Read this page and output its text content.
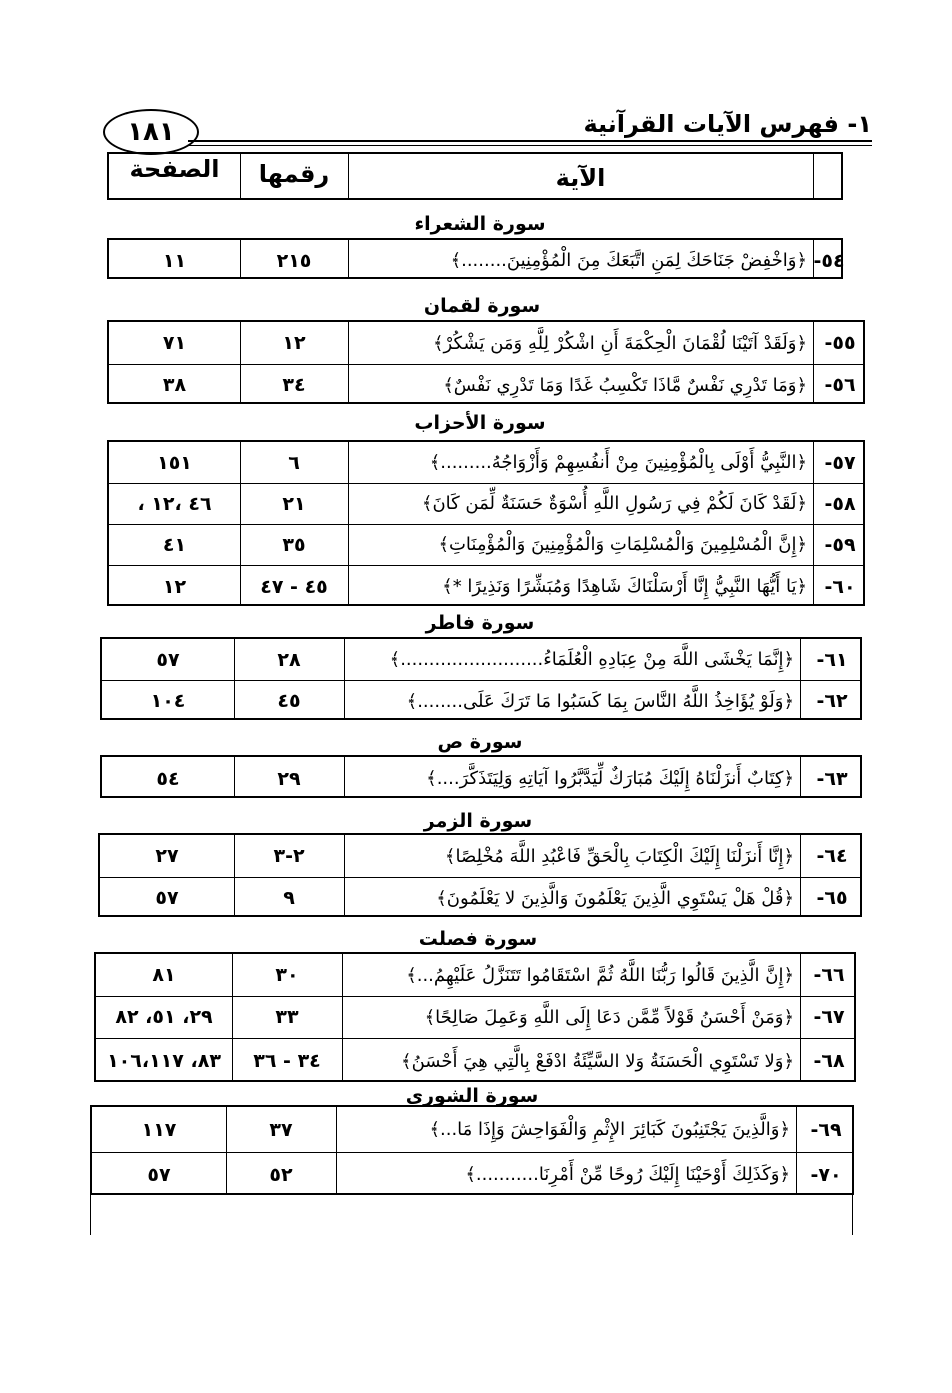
١- فهرس الآيات القرآنية
١٨١
الصفحة	رقمها	الآية
سورة الشعراء
١١	٢١٥	﴿وَاخْفِضْ جَنَاحَكَ لِمَنِ اتَّبَعَكَ مِنَ الْمُؤْمِنِينَ........﴾ ٥٤-
سورة لقمان
٧١	١٢	﴿وَلَقَدْ آتَيْنَا لُقْمَانَ الْحِكْمَةَ أَنِ اشْكُرْ لِلَّهِ وَمَن يَشْكُرْ﴾ ٥٥-
٣٨	٣٤	﴿وَمَا تَدْرِي نَفْسٌ مَّاذَا تَكْسِبُ غَدًا وَمَا تَدْرِي نَفْسٌ﴾ ٥٦-
سورة الأحزاب
١٥١	٦	﴿النَّبِيُّ أَوْلَى بِالْمُؤْمِنِينَ مِنْ أَنفُسِهِمْ وَأَزْوَاجُهُ.........﴾ ٥٧-
٤٦ ،١٢ ،	٢١	﴿لَقَدْ كَانَ لَكُمْ فِي رَسُولِ اللَّهِ أُسْوَةٌ حَسَنَةٌ لِّمَن كَانَ﴾ ٥٨-
٤١	٣٥	﴿إِنَّ الْمُسْلِمِينَ وَالْمُسْلِمَاتِ وَالْمُؤْمِنِينَ وَالْمُؤْمِنَاتِ﴾ ٥٩-
١٢	٤٥ - ٤٧	﴿يَا أَيُّهَا النَّبِيُّ إِنَّا أَرْسَلْنَاكَ شَاهِدًا وَمُبَشِّرًا وَنَذِيرًا *﴾ ٦٠-
سورة فاطر
٥٧	٢٨	﴿إِنَّمَا يَخْشَى اللَّهَ مِنْ عِبَادِهِ الْعُلَمَاءُ.........................﴾	٦١-
١٠٤	٤٥	﴿وَلَوْ يُؤَاخِذُ اللَّهُ النَّاسَ بِمَا كَسَبُوا مَا تَرَكَ عَلَى........﴾	٦٢-
سورة ص
٥٤	٢٩	﴿كِتَابٌ أَنزَلْنَاهُ إِلَيْكَ مُبَارَكٌ لِّيَدَّبَّرُوا آيَاتِهِ وَلِيَتَذَكَّرَ....﴾	٦٣-
سورة الزمر
٢٧	٢-٣	﴿إِنَّا أَنزَلْنَا إِلَيْكَ الْكِتَابَ بِالْحَقِّ فَاعْبُدِ اللَّهَ مُخْلِصًا﴾	٦٤-
٥٧	٩	﴿قُلْ هَلْ يَسْتَوِي الَّذِينَ يَعْلَمُونَ وَالَّذِينَ لا يَعْلَمُونَ﴾	٦٥-
سورة فصلت
٨١	٣٠	﴿إِنَّ الَّذِينَ قَالُوا رَبُّنَا اللَّهُ ثُمَّ اسْتَقَامُوا تَتَنَزَّلُ عَلَيْهِمُ...﴾	٦٦-
٢٩، ٥١، ٨٢	٣٣	﴿وَمَنْ أَحْسَنُ قَوْلاً مِّمَّن دَعَا إِلَى اللَّهِ وَعَمِلَ صَالِحًا﴾	٦٧-
٨٣، ١٠٦،١١٧	٣٤ - ٣٦	﴿وَلا تَسْتَوِي الْحَسَنَةُ وَلا السَّيِّئَةُ ادْفَعْ بِالَّتِي هِيَ أَحْسَنُ﴾	٦٨-
سورة الشورى
١١٧	٣٧	﴿وَالَّذِينَ يَجْتَنِبُونَ كَبَائِرَ الإِثْمِ وَالْفَوَاحِشَ وَإِذَا مَا...﴾	٦٩-
٥٧	٥٢	﴿وَكَذَلِكَ أَوْحَيْنَا إِلَيْكَ رُوحًا مِّنْ أَمْرِنَا...........﴾	٧٠-
